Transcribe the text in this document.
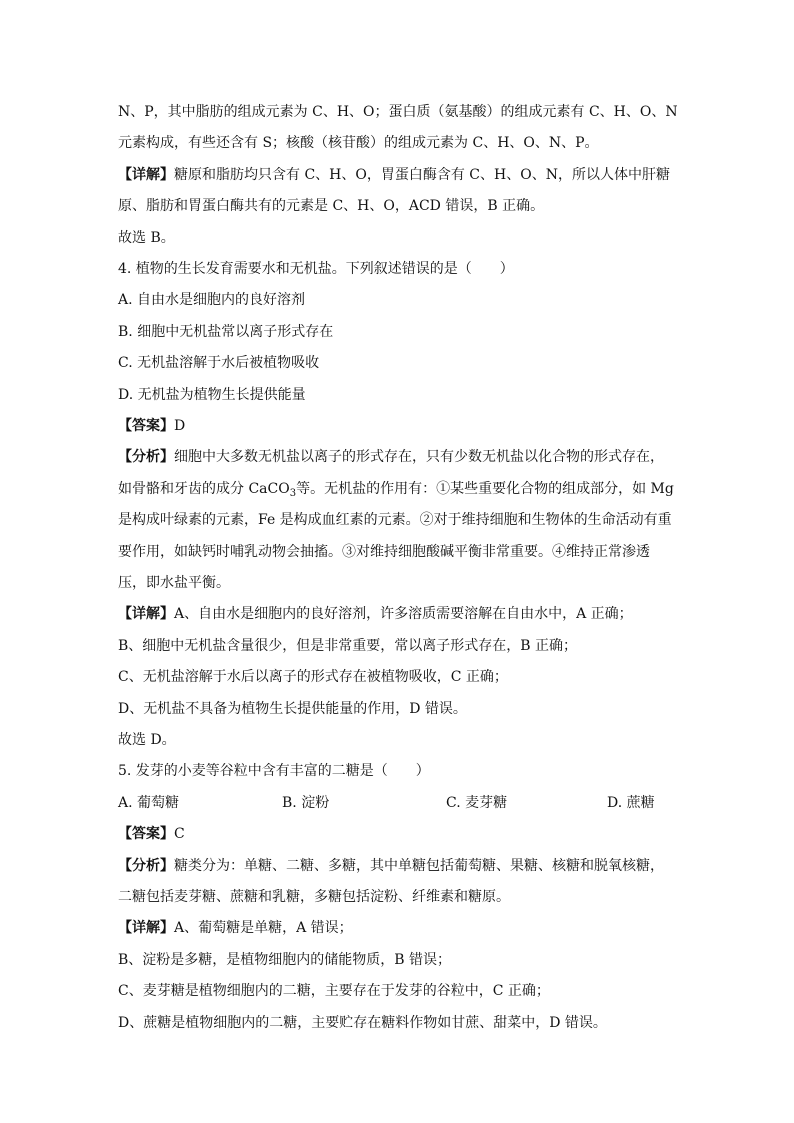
N、P，其中脂肪的组成元素为 C、H、O；蛋白质（氨基酸）的组成元素有 C、H、O、N
元素构成，有些还含有 S；核酸（核苷酸）的组成元素为 C、H、O、N、P。
【详解】糖原和脂肪均只含有 C、H、O，胃蛋白酶含有 C、H、O、N，所以人体中肝糖
原、脂肪和胃蛋白酶共有的元素是 C、H、O，ACD 错误，B 正确。
故选 B。
4. 植物的生长发育需要水和无机盐。下列叙述错误的是（　　）
A. 自由水是细胞内的良好溶剂
B. 细胞中无机盐常以离子形式存在
C. 无机盐溶解于水后被植物吸收
D. 无机盐为植物生长提供能量
【答案】D
【分析】细胞中大多数无机盐以离子的形式存在，只有少数无机盐以化合物的形式存在，
如骨骼和牙齿的成分 CaCO$_3$等。无机盐的作用有：①某些重要化合物的组成部分，如 Mg
是构成叶绿素的元素，Fe 是构成血红素的元素。②对于维持细胞和生物体的生命活动有重
要作用，如缺钙时哺乳动物会抽搐。③对维持细胞酸碱平衡非常重要。④维持正常渗透
压，即水盐平衡。
【详解】A、自由水是细胞内的良好溶剂，许多溶质需要溶解在自由水中，A 正确；
B、细胞中无机盐含量很少，但是非常重要，常以离子形式存在，B 正确；
C、无机盐溶解于水后以离子的形式存在被植物吸收，C 正确；
D、无机盐不具备为植物生长提供能量的作用，D 错误。
故选 D。
5. 发芽的小麦等谷粒中含有丰富的二糖是（　　）
A. 葡萄糖	B. 淀粉	C. 麦芽糖	D. 蔗糖
【答案】C
【分析】糖类分为：单糖、二糖、多糖，其中单糖包括葡萄糖、果糖、核糖和脱氧核糖，
二糖包括麦芽糖、蔗糖和乳糖，多糖包括淀粉、纤维素和糖原。
【详解】A、葡萄糖是单糖，A 错误；
B、淀粉是多糖，是植物细胞内的储能物质，B 错误；
C、麦芽糖是植物细胞内的二糖，主要存在于发芽的谷粒中，C 正确；
D、蔗糖是植物细胞内的二糖，主要贮存在糖料作物如甘蔗、甜菜中，D 错误。
